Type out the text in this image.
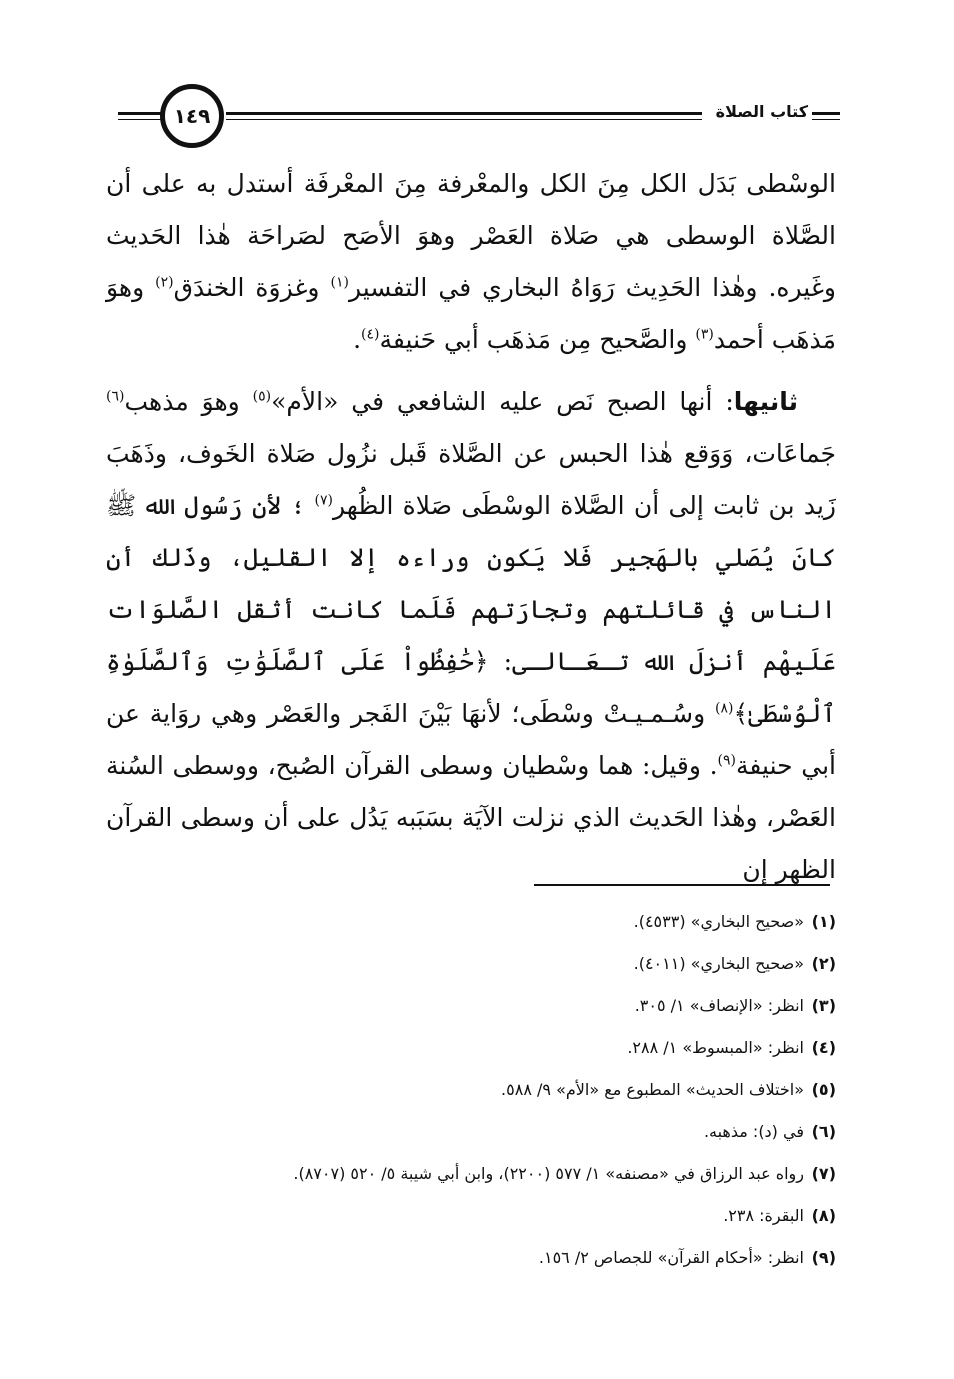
١٤٩	كتاب الصلاة

الوسْطى بَدَل الكل مِنَ الكل والمعْرفة مِنَ المعْرفَة أستدل به على أن الصَّلاة الوسطى هي صَلاة العَصْر وهوَ الأصَح لصَراحَة هٰذا الحَديث وغَيره. وهٰذا الحَدِيث رَوَاهُ البخاري في التفسير$^{(١)}$ وغزوَة الخندَق$^{(٢)}$ وهوَ مَذهَب أحمد$^{(٣)}$ والصَّحيح مِن مَذهَب أبي حَنيفة$^{(٤)}$.

ثانيها: أنها الصبح نَص عليه الشافعي في «الأم»$^{(٥)}$ وهوَ مذهب$^{(٦)}$ جَماعَات، وَوَقع هٰذا الحبس عن الصَّلاة قَبل نزُول صَلاة الخَوف، وذَهَبَ زَيد بن ثابت إلى أن الصَّلاة الوسْطَى صَلاة الظُهر$^{(٧)}$ ؛ لأن رَسُول الله ﷺ كانَ يُصَلي بالهَجير فَلا يَكون وراءه إلا القليل، وذَلك أن الناس في قائلتهم وتجارَتهم فَلَما كانت أثقل الصَّلوَات عَلَيهْم أنزلَ الله تـعَـالـى: ﴿حَٰفِظُواْ عَلَى ٱلصَّلَوَٰتِ وَٱلصَّلَوٰةِ ٱلْوُسْطَىٰ﴾$^{(٨)}$ وسُـمـيـتْ وسْطَى؛ لأنهَا بَيْنَ الفَجر والعَصْر وهي روَاية عن أبي حنيفة$^{(٩)}$. وقيل: هما وسْطيان وسطى القرآن الصُبح، ووسطى السُنة العَصْر، وهٰذا الحَديث الذي نزلت الآيَة بسَبَبه يَدُل على أن وسطى القرآن الظهر إن

(١)
«صحيح البخاري» (٤٥٣٣).
(٢)
«صحيح البخاري» (٤٠١١).
(٣)
انظر: «الإنصاف» ١/ ٣٠٥.
(٤)
انظر: «المبسوط» ١/ ٢٨٨.
(٥)
«اختلاف الحديث» المطبوع مع «الأم» ٩/ ٥٨٨.
(٦)
في (د): مذهبه.
(٧)
رواه عبد الرزاق في «مصنفه» ١/ ٥٧٧ (٢٢٠٠)، وابن أبي شيبة ٥/ ٥٢٠ (٨٧٠٧).
(٨)
البقرة: ٢٣٨.
(٩)
انظر: «أحكام القرآن» للجصاص ٢/ ١٥٦.
